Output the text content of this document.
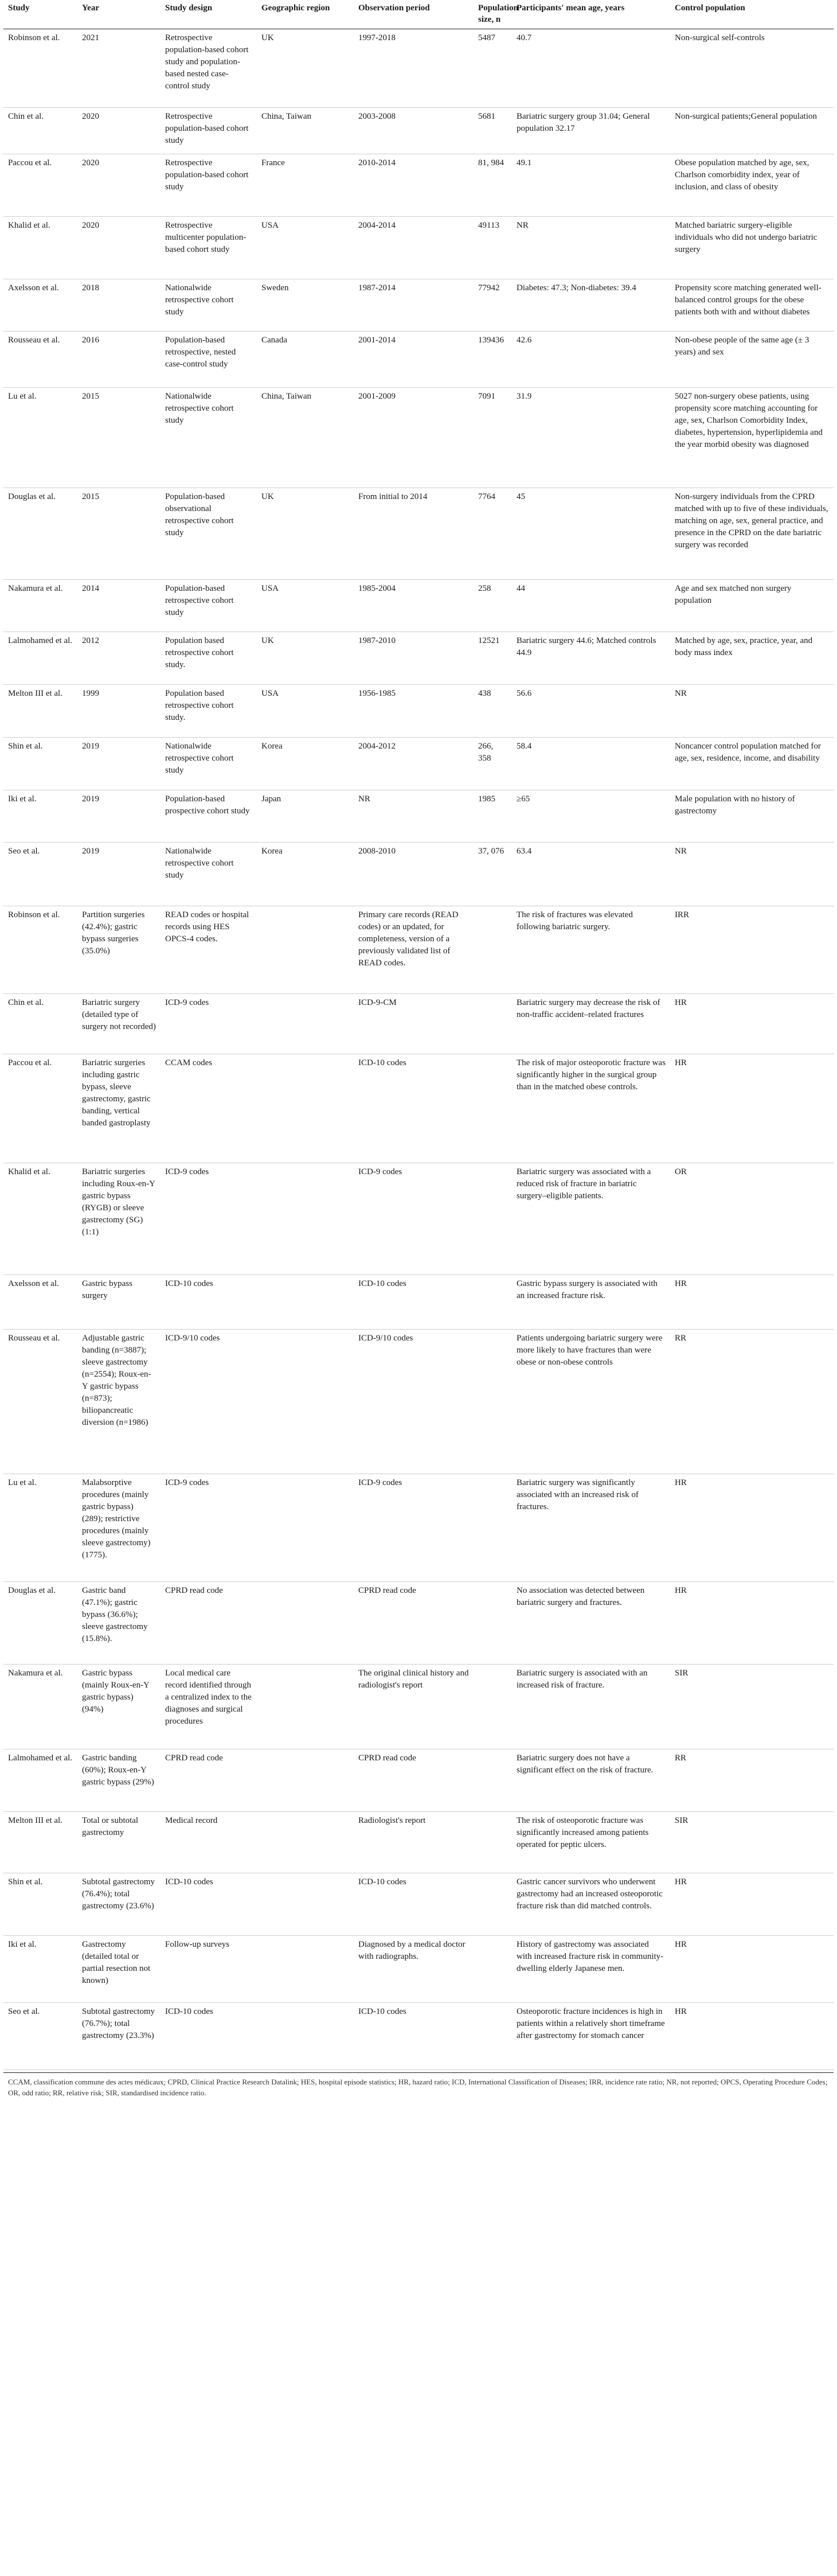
Study	Year	Study design	Geographic region	Observation period	Population size, n	Participants' mean age, years	Control population
Robinson et al.	2021	Retrospective population-based cohort study and population-based nested case-control study	UK	1997-2018	5487	40.7	Non-surgical self-controls
Chin et al.	2020	Retrospective population-based cohort study	China, Taiwan	2003-2008	5681	Bariatric surgery group 31.04; General population 32.17	Non-surgical patients;General population
Paccou et al.	2020	Retrospective population-based cohort study	France	2010-2014	81, 984	49.1	Obese population matched by age, sex, Charlson comorbidity index, year of inclusion, and class of obesity
Khalid et al.	2020	Retrospective multicenter population-based cohort study	USA	2004-2014	49113	NR	Matched bariatric surgery-eligible individuals who did not undergo bariatric surgery
Axelsson et al.	2018	Nationalwide retrospective cohort study	Sweden	1987-2014	77942	Diabetes: 47.3; Non-diabetes: 39.4	Propensity score matching generated well-balanced control groups for the obese patients both with and without diabetes
Rousseau et al.	2016	Population-based retrospective, nested case-control study	Canada	2001-2014	139436	42.6	Non-obese people of the same age (± 3 years) and sex
Lu et al.	2015	Nationalwide retrospective cohort study	China, Taiwan	2001-2009	7091	31.9	5027 non-surgery obese patients, using propensity score matching accounting for age, sex, Charlson Comorbidity Index, diabetes, hypertension, hyperlipidemia and the year morbid obesity was diagnosed
Douglas et al.	2015	Population-based observational retrospective cohort study	UK	From initial to 2014	7764	45	Non-surgery individuals from the CPRD matched with up to five of these individuals, matching on age, sex, general practice, and presence in the CPRD on the date bariatric surgery was recorded
Nakamura et al.	2014	Population-based retrospective cohort study	USA	1985-2004	258	44	Age and sex matched non surgery population
Lalmohamed et al.	2012	Population based retrospective cohort study.	UK	1987-2010	12521	Bariatric surgery 44.6; Matched controls 44.9	Matched by age, sex, practice, year, and body mass index
Melton III et al.	1999	Population based retrospective cohort study.	USA	1956-1985	438	56.6	NR
Shin et al.	2019	Nationalwide retrospective cohort study	Korea	2004-2012	266, 358	58.4	Noncancer control population matched for age, sex, residence, income, and disability
Iki et al.	2019	Population-based prospective cohort study	Japan	NR	1985	≥65	Male population with no history of gastrectomy
Seo et al.	2019	Nationalwide retrospective cohort study	Korea	2008-2010	37, 076	63.4	NR
Robinson et al.	Partition surgeries (42.4%); gastric bypass surgeries (35.0%)	READ codes or hospital records using HES OPCS-4 codes.		Primary care records (READ codes) or an updated, for completeness, version of a previously validated list of READ codes.		The risk of fractures was elevated following bariatric surgery.	IRR
Chin et al.	Bariatric surgery (detailed type of surgery not recorded)	ICD-9 codes		ICD-9-CM		Bariatric surgery may decrease the risk of non-traffic accident–related fractures	HR
Paccou et al.	Bariatric surgeries including gastric bypass, sleeve gastrectomy, gastric banding, vertical banded gastroplasty	CCAM codes		ICD-10 codes		The risk of major osteoporotic fracture was significantly higher in the surgical group than in the matched obese controls.	HR
Khalid et al.	Bariatric surgeries including Roux-en-Y gastric bypass (RYGB) or sleeve gastrectomy (SG) (1:1)	ICD-9 codes		ICD-9 codes		Bariatric surgery was associated with a reduced risk of fracture in bariatric surgery–eligible patients.	OR
Axelsson et al.	Gastric bypass surgery	ICD-10 codes		ICD-10 codes		Gastric bypass surgery is associated with an increased fracture risk.	HR
Rousseau et al.	Adjustable gastric banding (n=3887); sleeve gastrectomy (n=2554); Roux-en-Y gastric bypass (n=873); biliopancreatic diversion (n=1986)	ICD-9/10 codes		ICD-9/10 codes		Patients undergoing bariatric surgery were more likely to have fractures than were obese or non-obese controls	RR
Lu et al.	Malabsorptive procedures (mainly gastric bypass) (289); restrictive procedures (mainly sleeve gastrectomy) (1775).	ICD-9 codes		ICD-9 codes		Bariatric surgery was significantly associated with an increased risk of fractures.	HR
Douglas et al.	Gastric band (47.1%); gastric bypass (36.6%); sleeve gastrectomy (15.8%).	CPRD read code		CPRD read code		No association was detected between bariatric surgery and fractures.	HR
Nakamura et al.	Gastric bypass (mainly Roux-en-Y gastric bypass) (94%)	Local medical care record identified through a centralized index to the diagnoses and surgical procedures		The original clinical history and radiologist's report		Bariatric surgery is associated with an increased risk of fracture.	SIR
Lalmohamed et al.	Gastric banding (60%); Roux-en-Y gastric bypass (29%)	CPRD read code		CPRD read code		Bariatric surgery does not have a significant effect on the risk of fracture.	RR
Melton III et al.	Total or subtotal gastrectomy	Medical record		Radiologist's report		The risk of osteoporotic fracture was significantly increased among patients operated for peptic ulcers.	SIR
Shin et al.	Subtotal gastrectomy (76.4%); total gastrectomy (23.6%)	ICD-10 codes		ICD-10 codes		Gastric cancer survivors who underwent gastrectomy had an increased osteoporotic fracture risk than did matched controls.	HR
Iki et al.	Gastrectomy (detailed total or partial resection not known)	Follow-up surveys		Diagnosed by a medical doctor with radiographs.		History of gastrectomy was associated with increased fracture risk in community-dwelling elderly Japanese men.	HR
Seo et al.	Subtotal gastrectomy (76.7%); total gastrectomy (23.3%)	ICD-10 codes		ICD-10 codes		Osteoporotic fracture incidences is high in patients within a relatively short timeframe after gastrectomy for stomach cancer	HR
CCAM, classification commune des actes médicaux; CPRD, Clinical Practice Research Datalink; HES, hospital episode statistics; HR, hazard ratio; ICD, International Classification of Diseases; IRR, incidence rate ratio; NR, not reported; OPCS, Operating Procedure Codes; OR, odd ratio; RR, relative risk; SIR, standardised incidence ratio.
